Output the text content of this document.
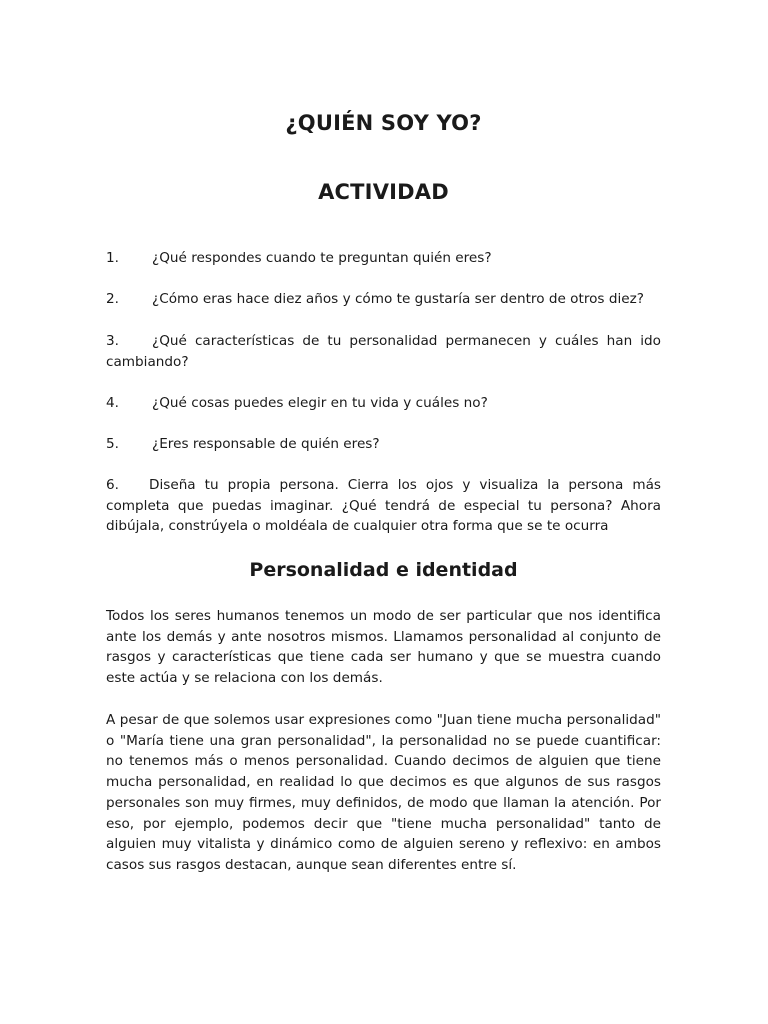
¿QUIÉN SOY YO?
ACTIVIDAD

1. ¿Qué respondes cuando te preguntan quién eres?

2. ¿Cómo eras hace diez años y cómo te gustaría ser dentro de otros diez?

3. ¿Qué características de tu personalidad permanecen y cuáles han ido cambiando?

4. ¿Qué cosas puedes elegir en tu vida y cuáles no?

5. ¿Eres responsable de quién eres?

6. Diseña tu propia persona. Cierra los ojos y visualiza la persona más completa que puedas imaginar. ¿Qué tendrá de especial tu persona? Ahora dibújala, constrúyela o moldéala de cualquier otra forma que se te ocurra

Personalidad e identidad

Todos los seres humanos tenemos un modo de ser particular que nos identifica ante los demás y ante nosotros mismos. Llamamos personalidad al conjunto de rasgos y características que tiene cada ser humano y que se muestra cuando este actúa y se relaciona con los demás.

A pesar de que solemos usar expresiones como "Juan tiene mucha personalidad" o "María tiene una gran personalidad", la personalidad no se puede cuantificar: no tenemos más o menos personalidad. Cuando decimos de alguien que tiene mucha personalidad, en realidad lo que decimos es que algunos de sus rasgos personales son muy firmes, muy definidos, de modo que llaman la atención. Por eso, por ejemplo, podemos decir que "tiene mucha personalidad" tanto de alguien muy vitalista y dinámico como de alguien sereno y reflexivo: en ambos casos sus rasgos destacan, aunque sean diferentes entre sí.
